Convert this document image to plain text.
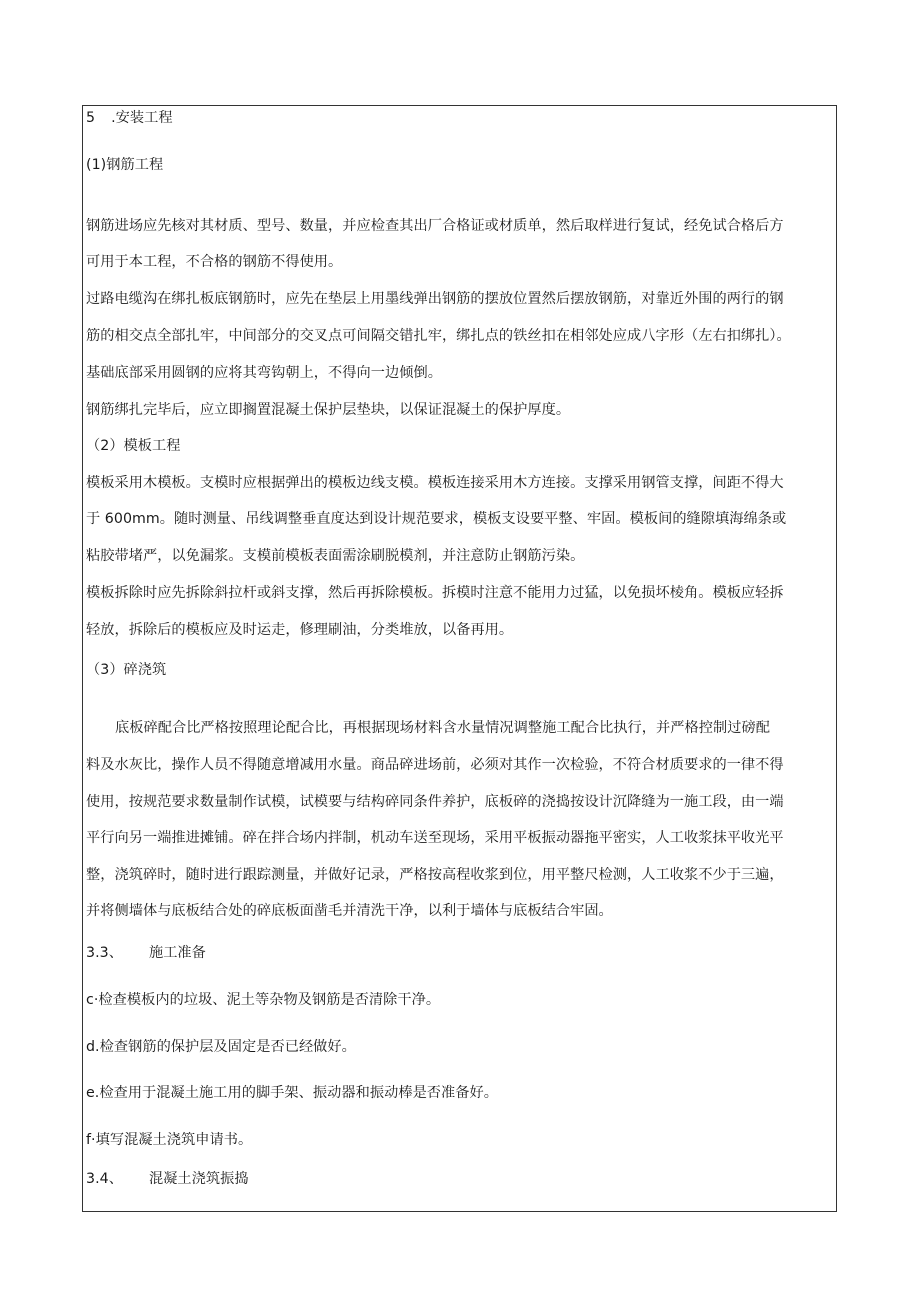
5 .安装工程
(1)钢筋工程
钢筋进场应先核对其材质、型号、数量，并应检查其出厂合格证或材质单，然后取样进行复试，经免试合格后方
可用于本工程，不合格的钢筋不得使用。
过路电缆沟在绑扎板底钢筋时，应先在垫层上用墨线弹出钢筋的摆放位置然后摆放钢筋，对靠近外围的两行的钢
筋的相交点全部扎牢，中间部分的交叉点可间隔交错扎牢，绑扎点的铁丝扣在相邻处应成八字形（左右扣绑扎）。
基础底部采用圆钢的应将其弯钩朝上，不得向一边倾倒。
钢筋绑扎完毕后，应立即搁置混凝土保护层垫块，以保证混凝土的保护厚度。
（2）模板工程
模板采用木模板。支模时应根据弹出的模板边线支模。模板连接采用木方连接。支撑采用钢管支撑，间距不得大
于 600mm。随时测量、吊线调整垂直度达到设计规范要求，模板支设要平整、牢固。模板间的缝隙填海绵条或
粘胶带堵严，以免漏浆。支模前模板表面需涂刷脱模剂，并注意防止钢筋污染。
模板拆除时应先拆除斜拉杆或斜支撑，然后再拆除模板。拆模时注意不能用力过猛，以免损坏棱角。模板应轻拆
轻放，拆除后的模板应及时运走，修理刷油，分类堆放，以备再用。
（3）碎浇筑
底板碎配合比严格按照理论配合比，再根据现场材料含水量情况调整施工配合比执行，并严格控制过磅配
料及水灰比，操作人员不得随意增减用水量。商品碎进场前，必须对其作一次检验，不符合材质要求的一律不得
使用，按规范要求数量制作试模，试模要与结构碎同条件养护，底板碎的浇捣按设计沉降缝为一施工段，由一端
平行向另一端推进摊铺。碎在拌合场内拌制，机动车送至现场，采用平板振动器拖平密实，人工收浆抹平收光平
整，浇筑碎时，随时进行跟踪测量，并做好记录，严格按高程收浆到位，用平整尺检测，人工收浆不少于三遍，
并将侧墙体与底板结合处的碎底板面凿毛并清洗干净，以利于墙体与底板结合牢固。
3.3、 施工准备
c·检查模板内的垃圾、泥土等杂物及钢筋是否清除干净。
d.检查钢筋的保护层及固定是否已经做好。
e.检查用于混凝土施工用的脚手架、振动器和振动棒是否准备好。
f·填写混凝土浇筑申请书。
3.4、 混凝土浇筑振捣
